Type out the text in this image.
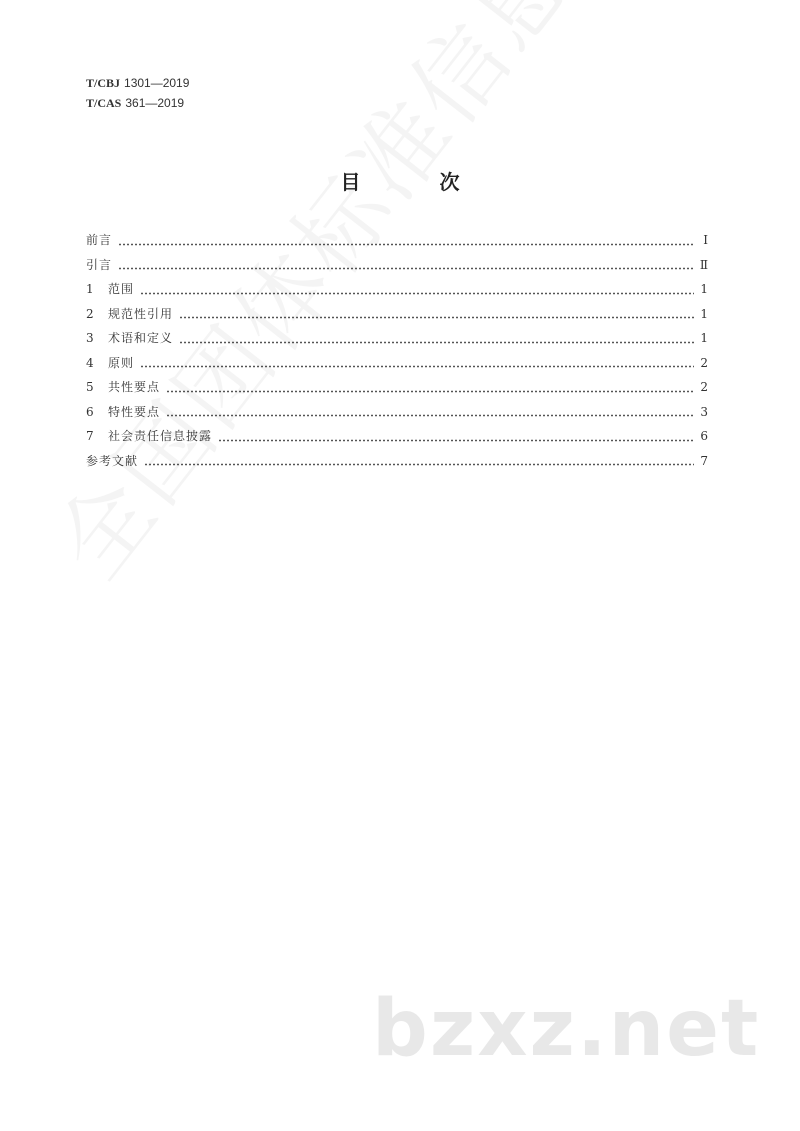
T/CBJ 1301—2019
T/CAS 361—2019
目 次
前言	Ⅰ
引言	Ⅱ
1	范围	1
2	规范性引用	1
3	术语和定义	1
4	原则	2
5	共性要点	2
6	特性要点	3
7	社会责任信息披露	6
参考文献	7
bzxz.net
